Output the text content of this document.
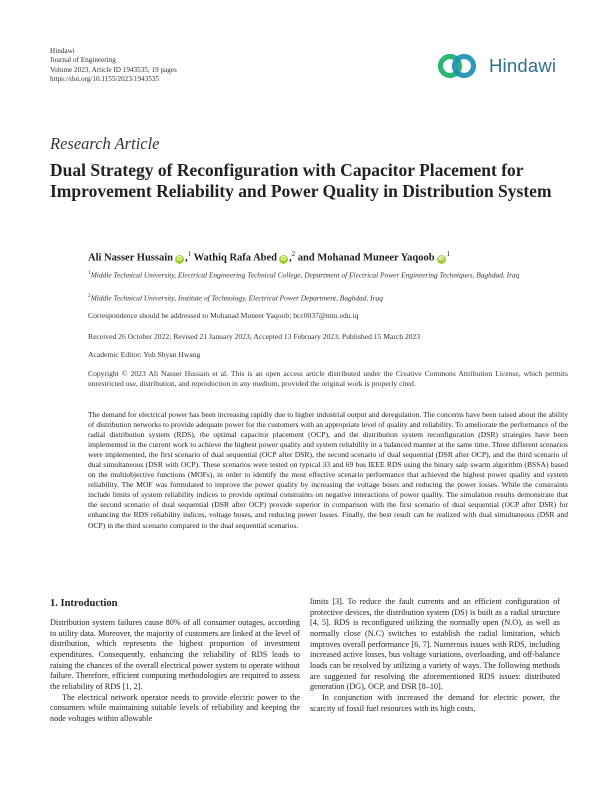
Hindawi
Journal of Engineering
Volume 2023, Article ID 1943535, 19 pages
https://doi.org/10.1155/2023/1943535
Hindawi
Research Article
Dual Strategy of Reconfiguration with Capacitor Placement for Improvement Reliability and Power Quality in Distribution System
Ali Nasser Hussain iD ,$^1$ Wathiq Rafa Abed iD ,$^2$ and Mohanad Muneer Yaqoob $iD^1$
$^1$Middle Technical University, Electrical Engineering Technical College, Department of Electrical Power Engineering Techniques, Baghdad, Iraq
$^2$Middle Technical University, Institute of Technology, Electrical Power Department, Baghdad, Iraq
Correspondence should be addressed to Mohanad Muneer Yaqoob; bcc0037@mtu.edu.iq
Received 26 October 2022; Revised 21 January 2023; Accepted 13 February 2023; Published 15 March 2023
Academic Editor: Yuh Shyan Hwang
Copyright © 2023 Ali Nasser Hussain et al. This is an open access article distributed under the Creative Commons Attribution License, which permits unrestricted use, distribution, and reproduction in any medium, provided the original work is properly cited.
The demand for electrical power has been increasing rapidly due to higher industrial output and deregulation. The concerns have been raised about the ability of distribution networks to provide adequate power for the customers with an appropriate level of quality and reliability. To ameliorate the performance of the radial distribution system (RDS), the optimal capacitor placement (OCP), and the distribution system reconfiguration (DSR) strategies have been implemented in the current work to achieve the highest power quality and system reliability in a balanced manner at the same time. Three different scenarios were implemented, the first scenario of dual sequential (OCP after DSR), the second scenario of dual sequential (DSR after OCP), and the third scenario of dual simultaneous (DSR with OCP). These scenarios were tested on typical 33 and 69 bus IEEE RDS using the binary salp swarm algorithm (BSSA) based on the multiobjective functions (MOFs), in order to identify the most effective scenario performance that achieved the highest power quality and system reliability. The MOF was formulated to improve the power quality by increasing the voltage buses and reducing the power losses. While the constraints include limits of system reliability indices to provide optimal constraints on negative interactions of power quality. The simulation results demonstrate that the second scenario of dual sequential (DSR after OCP) provide superior in comparison with the first scenario of dual sequential (OCP after DSR) for enhancing the RDS reliability indices, voltage buses, and reducing power losses. Finally, the best result can be realized with dual simultaneous (DSR and OCP) in the third scenario compared to the dual sequential scenarios.
1. Introduction

Distribution system failures cause 80% of all consumer outages, according to utility data. Moreover, the majority of customers are linked at the level of distribution, which represents the highest proportion of investment expenditures. Consequently, enhancing the reliability of RDS leads to raising the chances of the overall electrical power system to operate without failure. Therefore, efficient computing methodologies are required to assess the reliability of RDS [1, 2].

The electrical network operator needs to provide electric power to the consumers while maintaining suitable levels of reliability and keeping the node voltages within allowable

limits [3]. To reduce the fault currents and an efficient configuration of protective devices, the distribution system (DS) is built as a radial structure [4, 5]. RDS is reconfigured utilizing the normally open (N.O), as well as normally close (N.C) switches to establish the radial limitation, which improves overall performance [6, 7]. Numerous issues with RDS, including increased active losses, bus voltage variations, overloading, and off-balance loads can be resolved by utilizing a variety of ways. The following methods are suggested for resolving the aforementioned RDS issues: distributed generation (DG), OCP, and DSR [8–10].

In conjunction with increased the demand for electric power, the scarcity of fossil fuel resources with its high costs,
